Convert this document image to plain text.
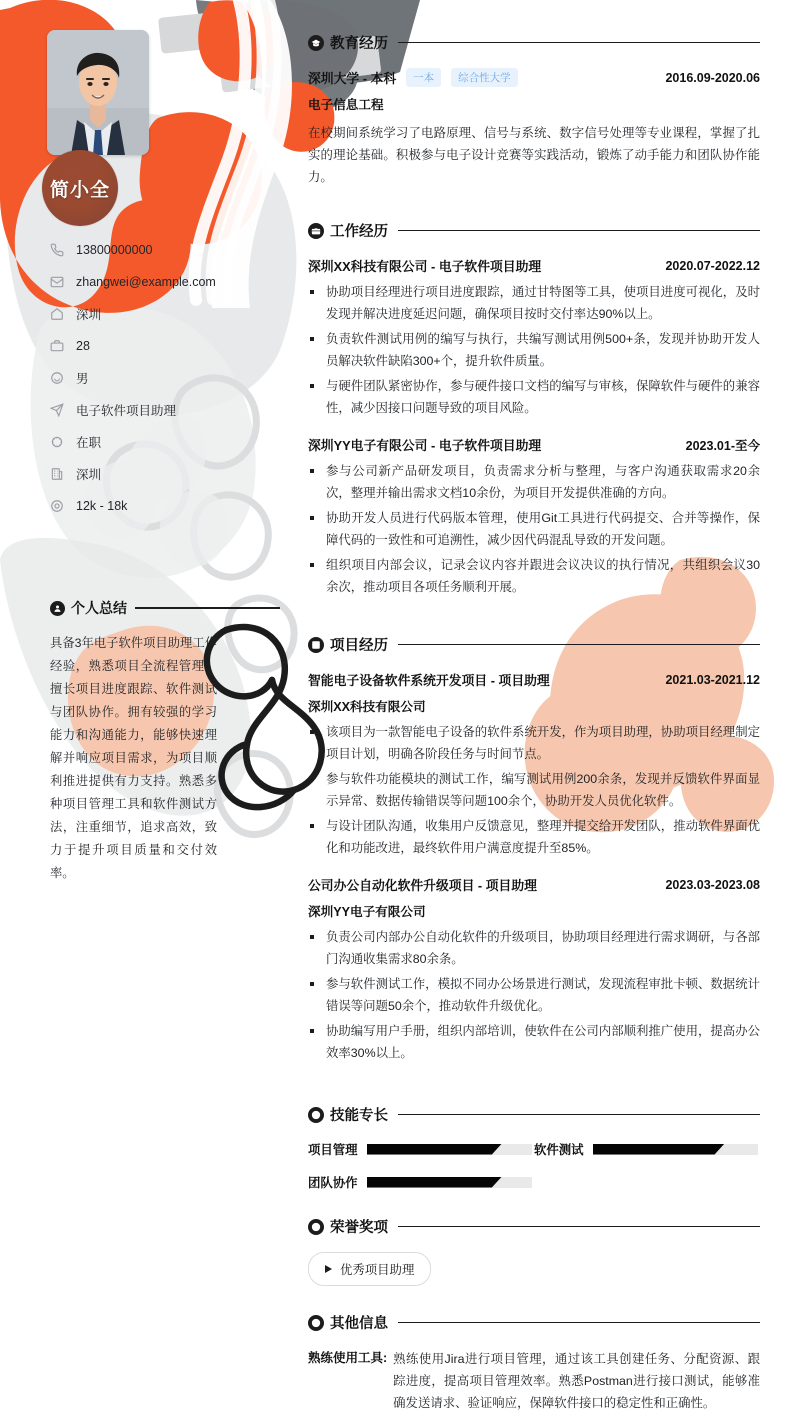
简小全
13800000000
zhangwei@example.com
深圳
28
男
电子软件项目助理
在职
深圳
12k - 18k
个人总结
具备3年电子软件项目助理工作经验，熟悉项目全流程管理，擅长项目进度跟踪、软件测试与团队协作。拥有较强的学习能力和沟通能力，能够快速理解并响应项目需求，为项目顺利推进提供有力支持。熟悉多种项目管理工具和软件测试方法，注重细节，追求高效，致力于提升项目质量和交付效率。
教育经历
深圳大学 - 本科	一本	综合性大学	2016.09-2020.06
电子信息工程
在校期间系统学习了电路原理、信号与系统、数字信号处理等专业课程，掌握了扎实的理论基础。积极参与电子设计竞赛等实践活动，锻炼了动手能力和团队协作能力。
工作经历
深圳XX科技有限公司 - 电子软件项目助理	2020.07-2022.12
协助项目经理进行项目进度跟踪，通过甘特图等工具，使项目进度可视化，及时发现并解决进度延迟问题，确保项目按时交付率达90%以上。
负责软件测试用例的编写与执行，共编写测试用例500+条，发现并协助开发人员解决软件缺陷300+个，提升软件质量。
与硬件团队紧密协作，参与硬件接口文档的编写与审核，保障软件与硬件的兼容性，减少因接口问题导致的项目风险。
深圳YY电子有限公司 - 电子软件项目助理	2023.01-至今
参与公司新产品研发项目，负责需求分析与整理，与客户沟通获取需求20余次，整理并输出需求文档10余份，为项目开发提供准确的方向。
协助开发人员进行代码版本管理，使用Git工具进行代码提交、合并等操作，保障代码的一致性和可追溯性，减少因代码混乱导致的开发问题。
组织项目内部会议，记录会议内容并跟进会议决议的执行情况，共组织会议30余次，推动项目各项任务顺利开展。
项目经历
智能电子设备软件系统开发项目 - 项目助理	2021.03-2021.12
深圳XX科技有限公司
该项目为一款智能电子设备的软件系统开发，作为项目助理，协助项目经理制定项目计划，明确各阶段任务与时间节点。
参与软件功能模块的测试工作，编写测试用例200余条，发现并反馈软件界面显示异常、数据传输错误等问题100余个，协助开发人员优化软件。
与设计团队沟通，收集用户反馈意见，整理并提交给开发团队，推动软件界面优化和功能改进，最终软件用户满意度提升至85%。
公司办公自动化软件升级项目 - 项目助理	2023.03-2023.08
深圳YY电子有限公司
负责公司内部办公自动化软件的升级项目，协助项目经理进行需求调研，与各部门沟通收集需求80余条。
参与软件测试工作，模拟不同办公场景进行测试，发现流程审批卡顿、数据统计错误等问题50余个，推动软件升级优化。
协助编写用户手册，组织内部培训，使软件在公司内部顺利推广使用，提高办公效率30%以上。
技能专长
项目管理	软件测试
团队协作
荣誉奖项
优秀项目助理
其他信息
熟练使用工具: 熟练使用Jira进行项目管理，通过该工具创建任务、分配资源、跟踪进度，提高项目管理效率。熟悉Postman进行接口测试，能够准确发送请求、验证响应，保障软件接口的稳定性和正确性。
